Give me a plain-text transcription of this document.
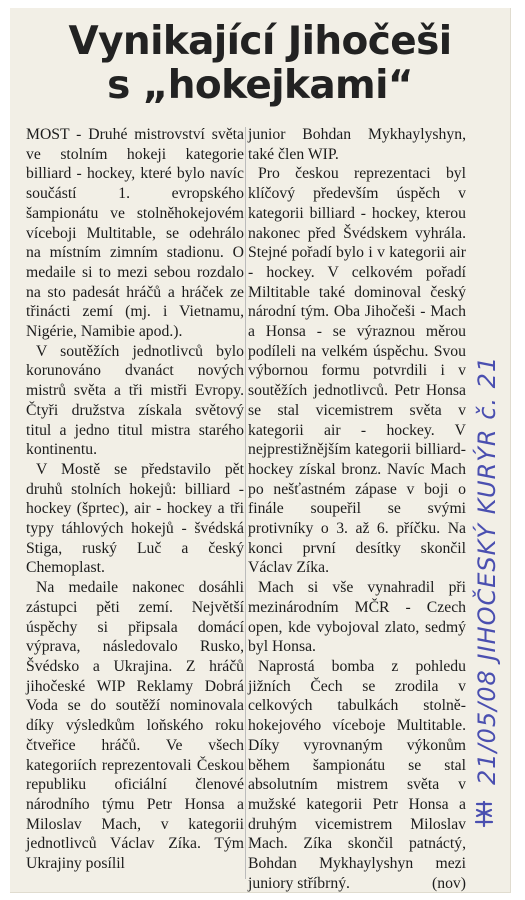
Vynikající Jihočeši
s „hokejkami“

MOST - Druhé mistrovství světa ve stolním hokeji kategorie billiard - hockey, které bylo navíc součástí 1. evropského šampionátu ve stolněhokejovém víceboji Multitable, se odehrálo na místním zimním stadionu. O medaile si to mezi sebou rozdalo na sto padesát hráčů a hráček ze třinácti zemí (mj. i Vietnamu, Nigérie, Namibie apod.).

V soutěžích jednotlivců bylo korunováno dvanáct nových mistrů světa a tři mistři Evropy. Čtyři družstva získala světový titul a jedno titul mistra starého kontinentu.

V Mostě se představilo pět druhů stolních hokejů: billiard - hockey (šprtec), air - hockey a tři typy táhlových hokejů - švédská Stiga, ruský Luč a český Chemoplast.

Na medaile nakonec dosáhli zástupci pěti zemí. Největší úspěchy si připsala domácí výprava, následovalo Rusko, Švédsko a Ukrajina. Z hráčů jihočeské WIP Reklamy Dobrá Voda se do soutěží nominovala díky výsledkům loňského roku čtveřice hráčů. Ve všech kategoriích reprezentovali Českou republiku oficiální členové národního týmu Petr Honsa a Miloslav Mach, v kategorii jednotlivců Václav Zíka. Tým Ukrajiny posílil

junior Bohdan Mykhaylyshyn, také člen WIP.

Pro českou reprezentaci byl klíčový především úspěch v kategorii billiard - hockey, kterou nakonec před Švédskem vyhrála. Stejné pořadí bylo i v kategorii air - hockey. V celkovém pořadí Miltitable také dominoval český národní tým. Oba Jihočeši - Mach a Honsa - se výraznou měrou podíleli na velkém úspěchu. Svou výbornou formu potvrdili i v soutěžích jednotlivců. Petr Honsa se stal vicemistrem světa v kategorii air - hockey. V nejprestižnějším kategorii billiard- hockey získal bronz. Navíc Mach po nešťastném zápase v boji o finále soupeřil se svými protivníky o 3. až 6. příčku. Na konci první desítky skončil Václav Zíka.

Mach si vše vynahradil při mezinárodním MČR - Czech open, kde vybojoval zlato, sedmý byl Honsa.

Naprostá bomba z pohledu jižních Čech se zrodila v celkových tabulkách stolně-hokejového víceboje Multitable. Díky vyrovnaným výkonům během šampionátu se stal absolutním mistrem světa v mužské kategorii Petr Honsa a druhým vicemistrem Miloslav Mach. Zíka skončil patnáctý, Bohdan Mykhaylyshyn mezi juniory stříbrný.	(nov)

21/05/08 JIHOČESKÝ KURÝR č. 21
